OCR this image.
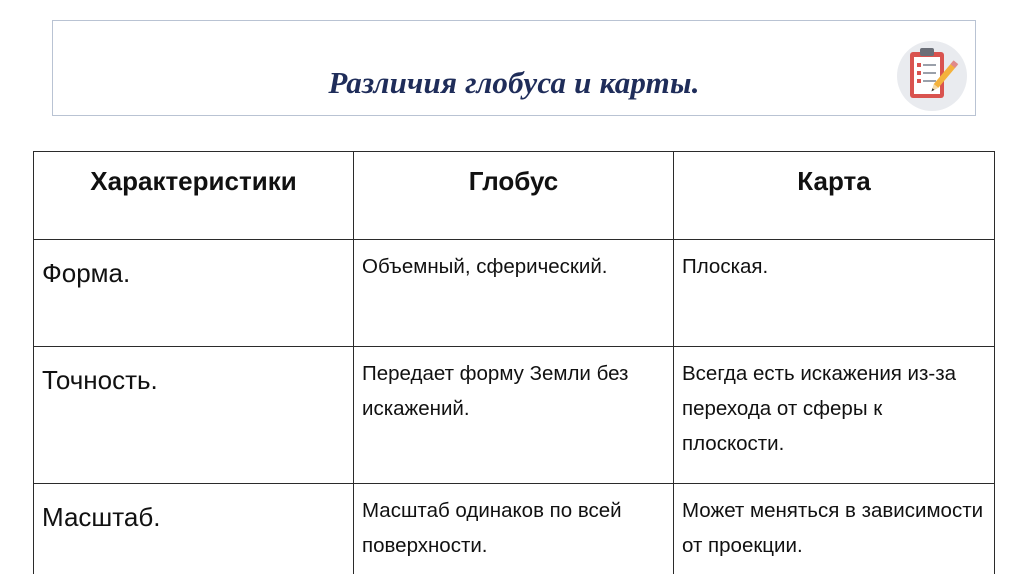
Различия глобуса и карты.
Характеристики	Глобус	Карта
Форма.	Объемный, сферический.	Плоская.
Точность.	Передает форму Земли без искажений.	Всегда есть искажения из-за перехода от сферы к плоскости.
Масштаб.	Масштаб одинаков по всей поверхности.	Может меняться в зависимости от проекции.
